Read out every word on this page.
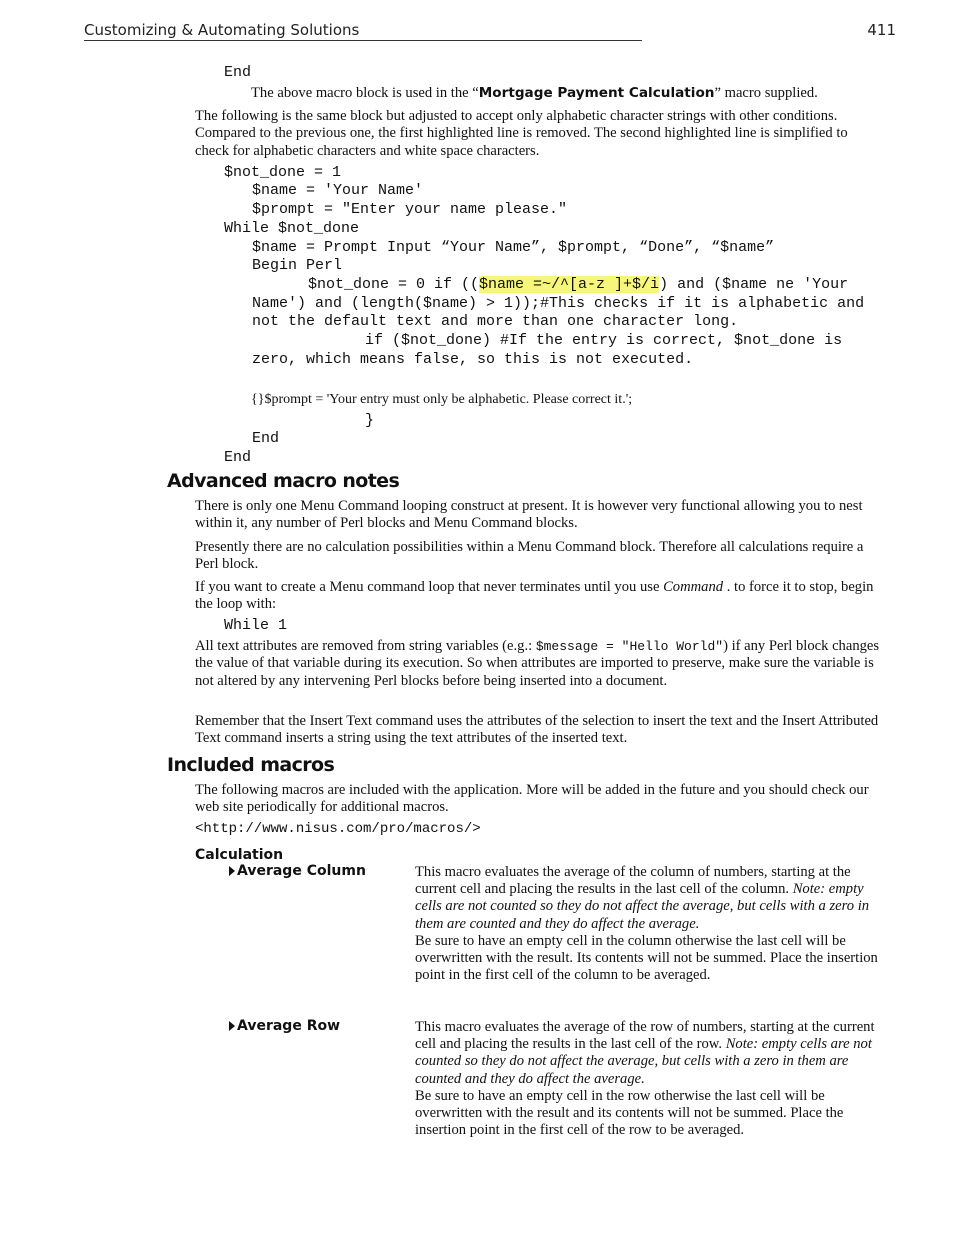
Customizing & Automating Solutions	411
End
The above macro block is used in the “Mortgage Payment Calculation” macro supplied.
The following is the same block but adjusted to accept only alphabetic character strings with other conditions. Compared to the previous one, the first highlighted line is removed. The second highlighted line is simplified to check for alphabetic characters and white space characters.
$not_done = 1
$name = 'Your Name'
$prompt = "Enter your name please."
While $not_done
$name = Prompt Input “Your Name”, $prompt, “Done”, “$name”
Begin Perl
$not_done = 0 if (($name =~/^[a-z ]+$/i) and ($name ne 'Your
Name') and (length($name) > 1));#This checks if it is alphabetic and
not the default text and more than one character long.
if ($not_done) #If the entry is correct, $not_done is
zero, which means false, so this is not executed.
{}$prompt = 'Your entry must only be alphabetic. Please correct it.';
}
End
End
Advanced macro notes
There is only one Menu Command looping construct at present. It is however very functional allowing you to nest within it, any number of Perl blocks and Menu Command blocks.
Presently there are no calculation possibilities within a Menu Command block. Therefore all calculations require a Perl block.
If you want to create a Menu command loop that never terminates until you use Command . to force it to stop, begin the loop with:
While 1
All text attributes are removed from string variables (e.g.: $message = "Hello World") if any Perl block changes the value of that variable during its execution. So when attributes are imported to preserve, make sure the variable is not altered by any intervening Perl blocks before being inserted into a document.
Remember that the Insert Text command uses the attributes of the selection to insert the text and the Insert Attributed Text command inserts a string using the text attributes of the inserted text.
Included macros
The following macros are included with the application. More will be added in the future and you should check our web site periodically for additional macros.
<http://www.nisus.com/pro/macros/>
Calculation
Average Column	This macro evaluates the average of the column of numbers, starting at the current cell and placing the results in the last cell of the column. Note: empty cells are not counted so they do not affect the average, but cells with a zero in them are counted and they do affect the average.
Be sure to have an empty cell in the column otherwise the last cell will be overwritten with the result. Its contents will not be summed. Place the insertion point in the first cell of the column to be averaged.
Average Row	This macro evaluates the average of the row of numbers, starting at the current cell and placing the results in the last cell of the row. Note: empty cells are not counted so they do not affect the average, but cells with a zero in them are counted and they do affect the average.
Be sure to have an empty cell in the row otherwise the last cell will be overwritten with the result and its contents will not be summed. Place the insertion point in the first cell of the row to be averaged.
